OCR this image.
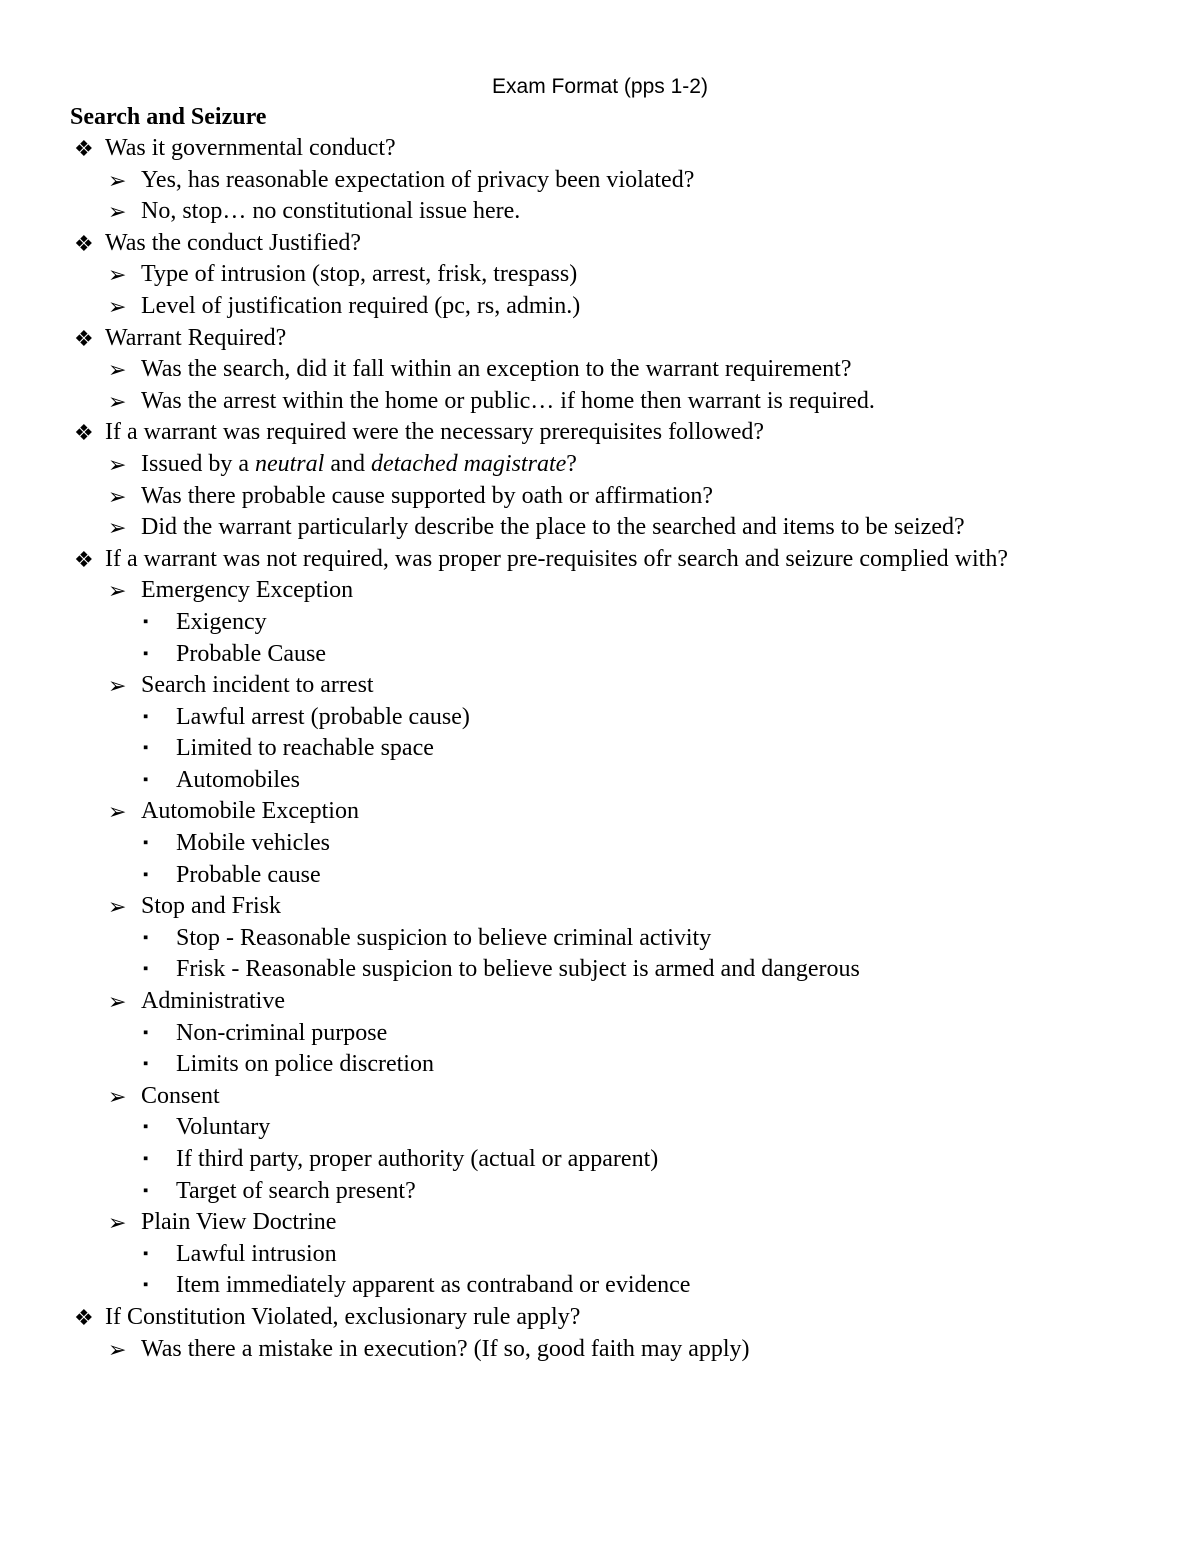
Exam Format (pps 1-2)
Search and Seizure
❖ Was it governmental conduct?
➢ Yes, has reasonable expectation of privacy been violated?
➢ No, stop… no constitutional issue here.
❖ Was the conduct Justified?
➢ Type of intrusion (stop, arrest, frisk, trespass)
➢ Level of justification required (pc, rs, admin.)
❖ Warrant Required?
➢ Was the search, did it fall within an exception to the warrant requirement?
➢ Was the arrest within the home or public… if home then warrant is required.
❖ If a warrant was required were the necessary prerequisites followed?
➢ Issued by a neutral and detached magistrate?
➢ Was there probable cause supported by oath or affirmation?
➢ Did the warrant particularly describe the place to the searched and items to be seized?
❖ If a warrant was not required, was proper pre-requisites ofr search and seizure complied with?
➢ Emergency Exception
▪ Exigency
▪ Probable Cause
➢ Search incident to arrest
▪ Lawful arrest (probable cause)
▪ Limited to reachable space
▪ Automobiles
➢ Automobile Exception
▪ Mobile vehicles
▪ Probable cause
➢ Stop and Frisk
▪ Stop - Reasonable suspicion to believe criminal activity
▪ Frisk - Reasonable suspicion to believe subject is armed and dangerous
➢ Administrative
▪ Non-criminal purpose
▪ Limits on police discretion
➢ Consent
▪ Voluntary
▪ If third party, proper authority (actual or apparent)
▪ Target of search present?
➢ Plain View Doctrine
▪ Lawful intrusion
▪ Item immediately apparent as contraband or evidence
❖ If Constitution Violated, exclusionary rule apply?
➢ Was there a mistake in execution? (If so, good faith may apply)
